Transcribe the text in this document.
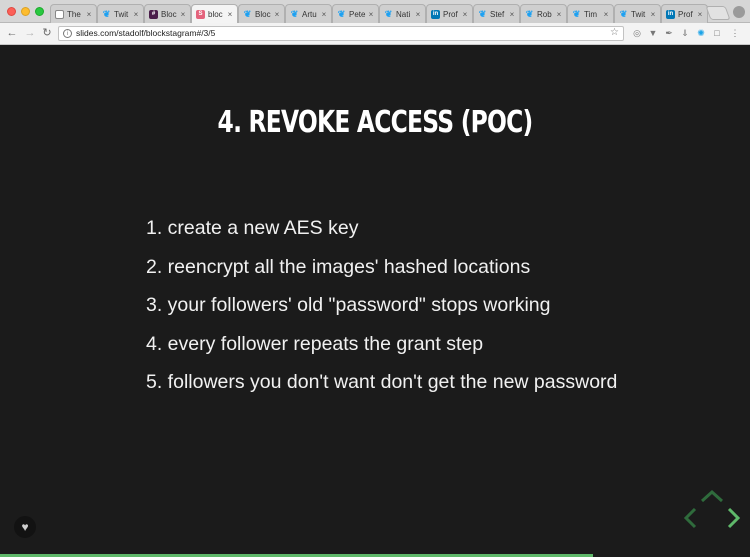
The × ❦ Twit ×	# Bloc ×	S bloc × ❦ Bloc × ❦ Artu × ❦ Pete × ❦ Nati ×	in Prof × ❦ Stef × ❦ Rob × ❦ Tim × ❦ Twit ×	in Prof ×
← → ↻	i slides.com/stadolf/blockstagram#/3/5	☆ ◎ ▼ ✒ ⇓ ✺ □ ⋮
4. REVOKE ACCESS (POC)
1. create a new AES key
2. reencrypt all the images' hashed locations
3. your followers' old "password" stops working
4. every follower repeats the grant step
5. followers you don't want don't get the new password
♥
